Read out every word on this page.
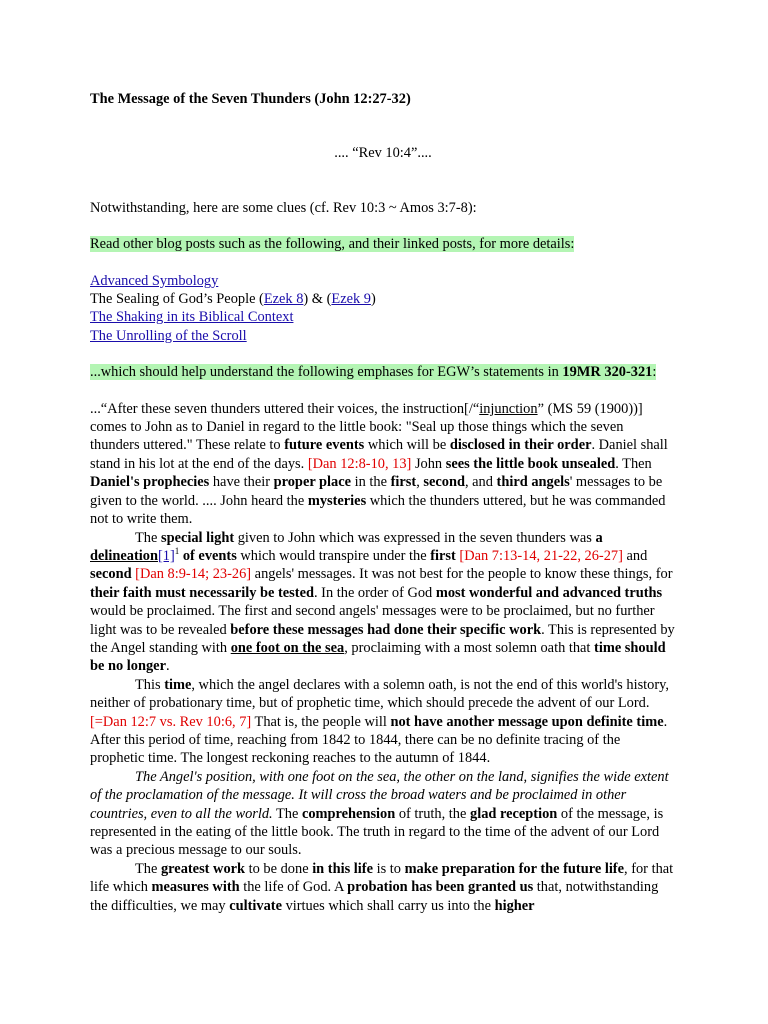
The Message of the Seven Thunders (John 12:27-32)

.... “Rev 10:4”....

Notwithstanding, here are some clues (cf. Rev 10:3 ~ Amos 3:7-8):

Read other blog posts such as the following, and their linked posts, for more details:

Advanced Symbology

The Sealing of God’s People (Ezek 8) & (Ezek 9)

The Shaking in its Biblical Context

The Unrolling of the Scroll

...which should help understand the following emphases for EGW’s statements in 19MR 320-321:

...“After these seven thunders uttered their voices, the instruction[/“injunction” (MS 59 (1900))] comes to John as to Daniel in regard to the little book: "Seal up those things which the seven thunders uttered." These relate to future events which will be disclosed in their order. Daniel shall stand in his lot at the end of the days. [Dan 12:8-10, 13] John sees the little book unsealed. Then Daniel's prophecies have their proper place in the first, second, and third angels' messages to be given to the world. .... John heard the mysteries which the thunders uttered, but he was commanded not to write them.

The special light given to John which was expressed in the seven thunders was a $delineation[1]^1$ of events which would transpire under the first [Dan 7:13-14, 21-22, 26-27] and second [Dan 8:9-14; 23-26] angels' messages. It was not best for the people to know these things, for their faith must necessarily be tested. In the order of God most wonderful and advanced truths would be proclaimed. The first and second angels' messages were to be proclaimed, but no further light was to be revealed before these messages had done their specific work. This is represented by the Angel standing with one foot on the sea, proclaiming with a most solemn oath that time should be no longer.

This time, which the angel declares with a solemn oath, is not the end of this world's history, neither of probationary time, but of prophetic time, which should precede the advent of our Lord. [=Dan 12:7 vs. Rev 10:6, 7] That is, the people will not have another message upon definite time. After this period of time, reaching from 1842 to 1844, there can be no definite tracing of the prophetic time. The longest reckoning reaches to the autumn of 1844.

The Angel's position, with one foot on the sea, the other on the land, signifies the wide extent of the proclamation of the message. It will cross the broad waters and be proclaimed in other countries, even to all the world. The comprehension of truth, the glad reception of the message, is represented in the eating of the little book. The truth in regard to the time of the advent of our Lord was a precious message to our souls.

The greatest work to be done in this life is to make preparation for the future life, for that life which measures with the life of God. A probation has been granted us that, notwithstanding the difficulties, we may cultivate virtues which shall carry us into the higher
